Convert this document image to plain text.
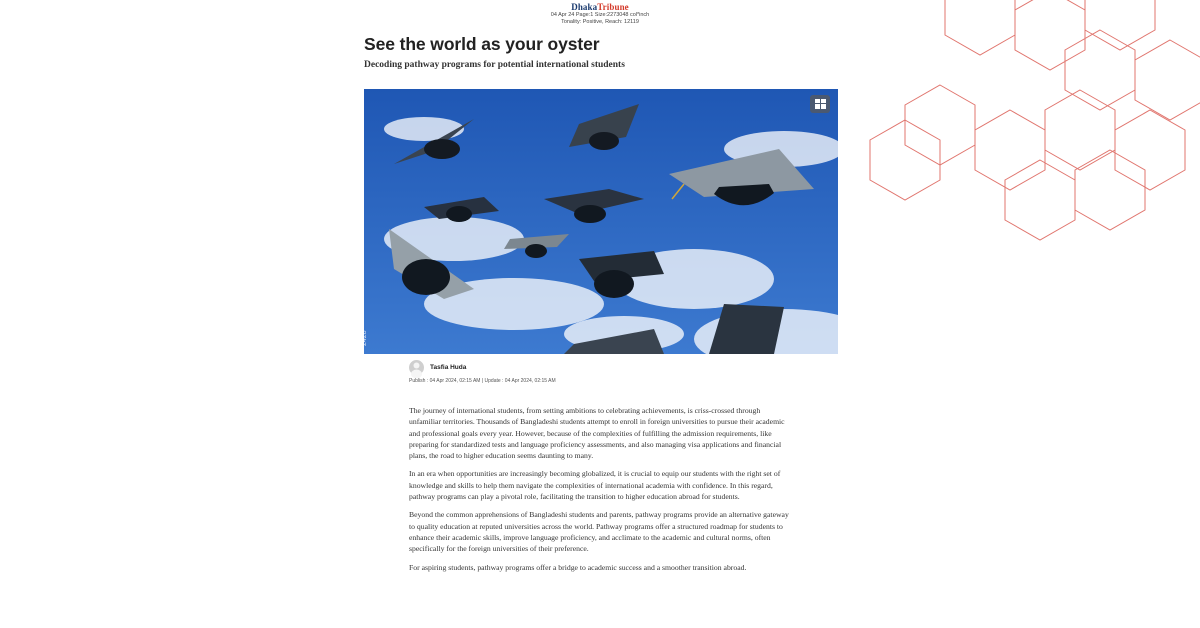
DhakaTribune
04 Apr 24 Page:1 Size:2273048 col*inch
Tonality: Positive, Reach: 12119
See the world as your oyster
Decoding pathway programs for potential international students
2428
Tasfia Huda
Publish : 04 Apr 2024, 02:15 AM | Update : 04 Apr 2024, 02:15 AM

The journey of international students, from setting ambitions to celebrating achievements, is criss-crossed through unfamiliar territories. Thousands of Bangladeshi students attempt to enroll in foreign universities to pursue their academic and professional goals every year. However, because of the complexities of fulfilling the admission requirements, like preparing for standardized tests and language proficiency assessments, and also managing visa applications and financial plans, the road to higher education seems daunting to many.

In an era when opportunities are increasingly becoming globalized, it is crucial to equip our students with the right set of knowledge and skills to help them navigate the complexities of international academia with confidence. In this regard, pathway programs can play a pivotal role, facilitating the transition to higher education abroad for students.

Beyond the common apprehensions of Bangladeshi students and parents, pathway programs provide an alternative gateway to quality education at reputed universities across the world. Pathway programs offer a structured roadmap for students to enhance their academic skills, improve language proficiency, and acclimate to the academic and cultural norms, often specifically for the foreign universities of their preference.

For aspiring students, pathway programs offer a bridge to academic success and a smoother transition abroad.
